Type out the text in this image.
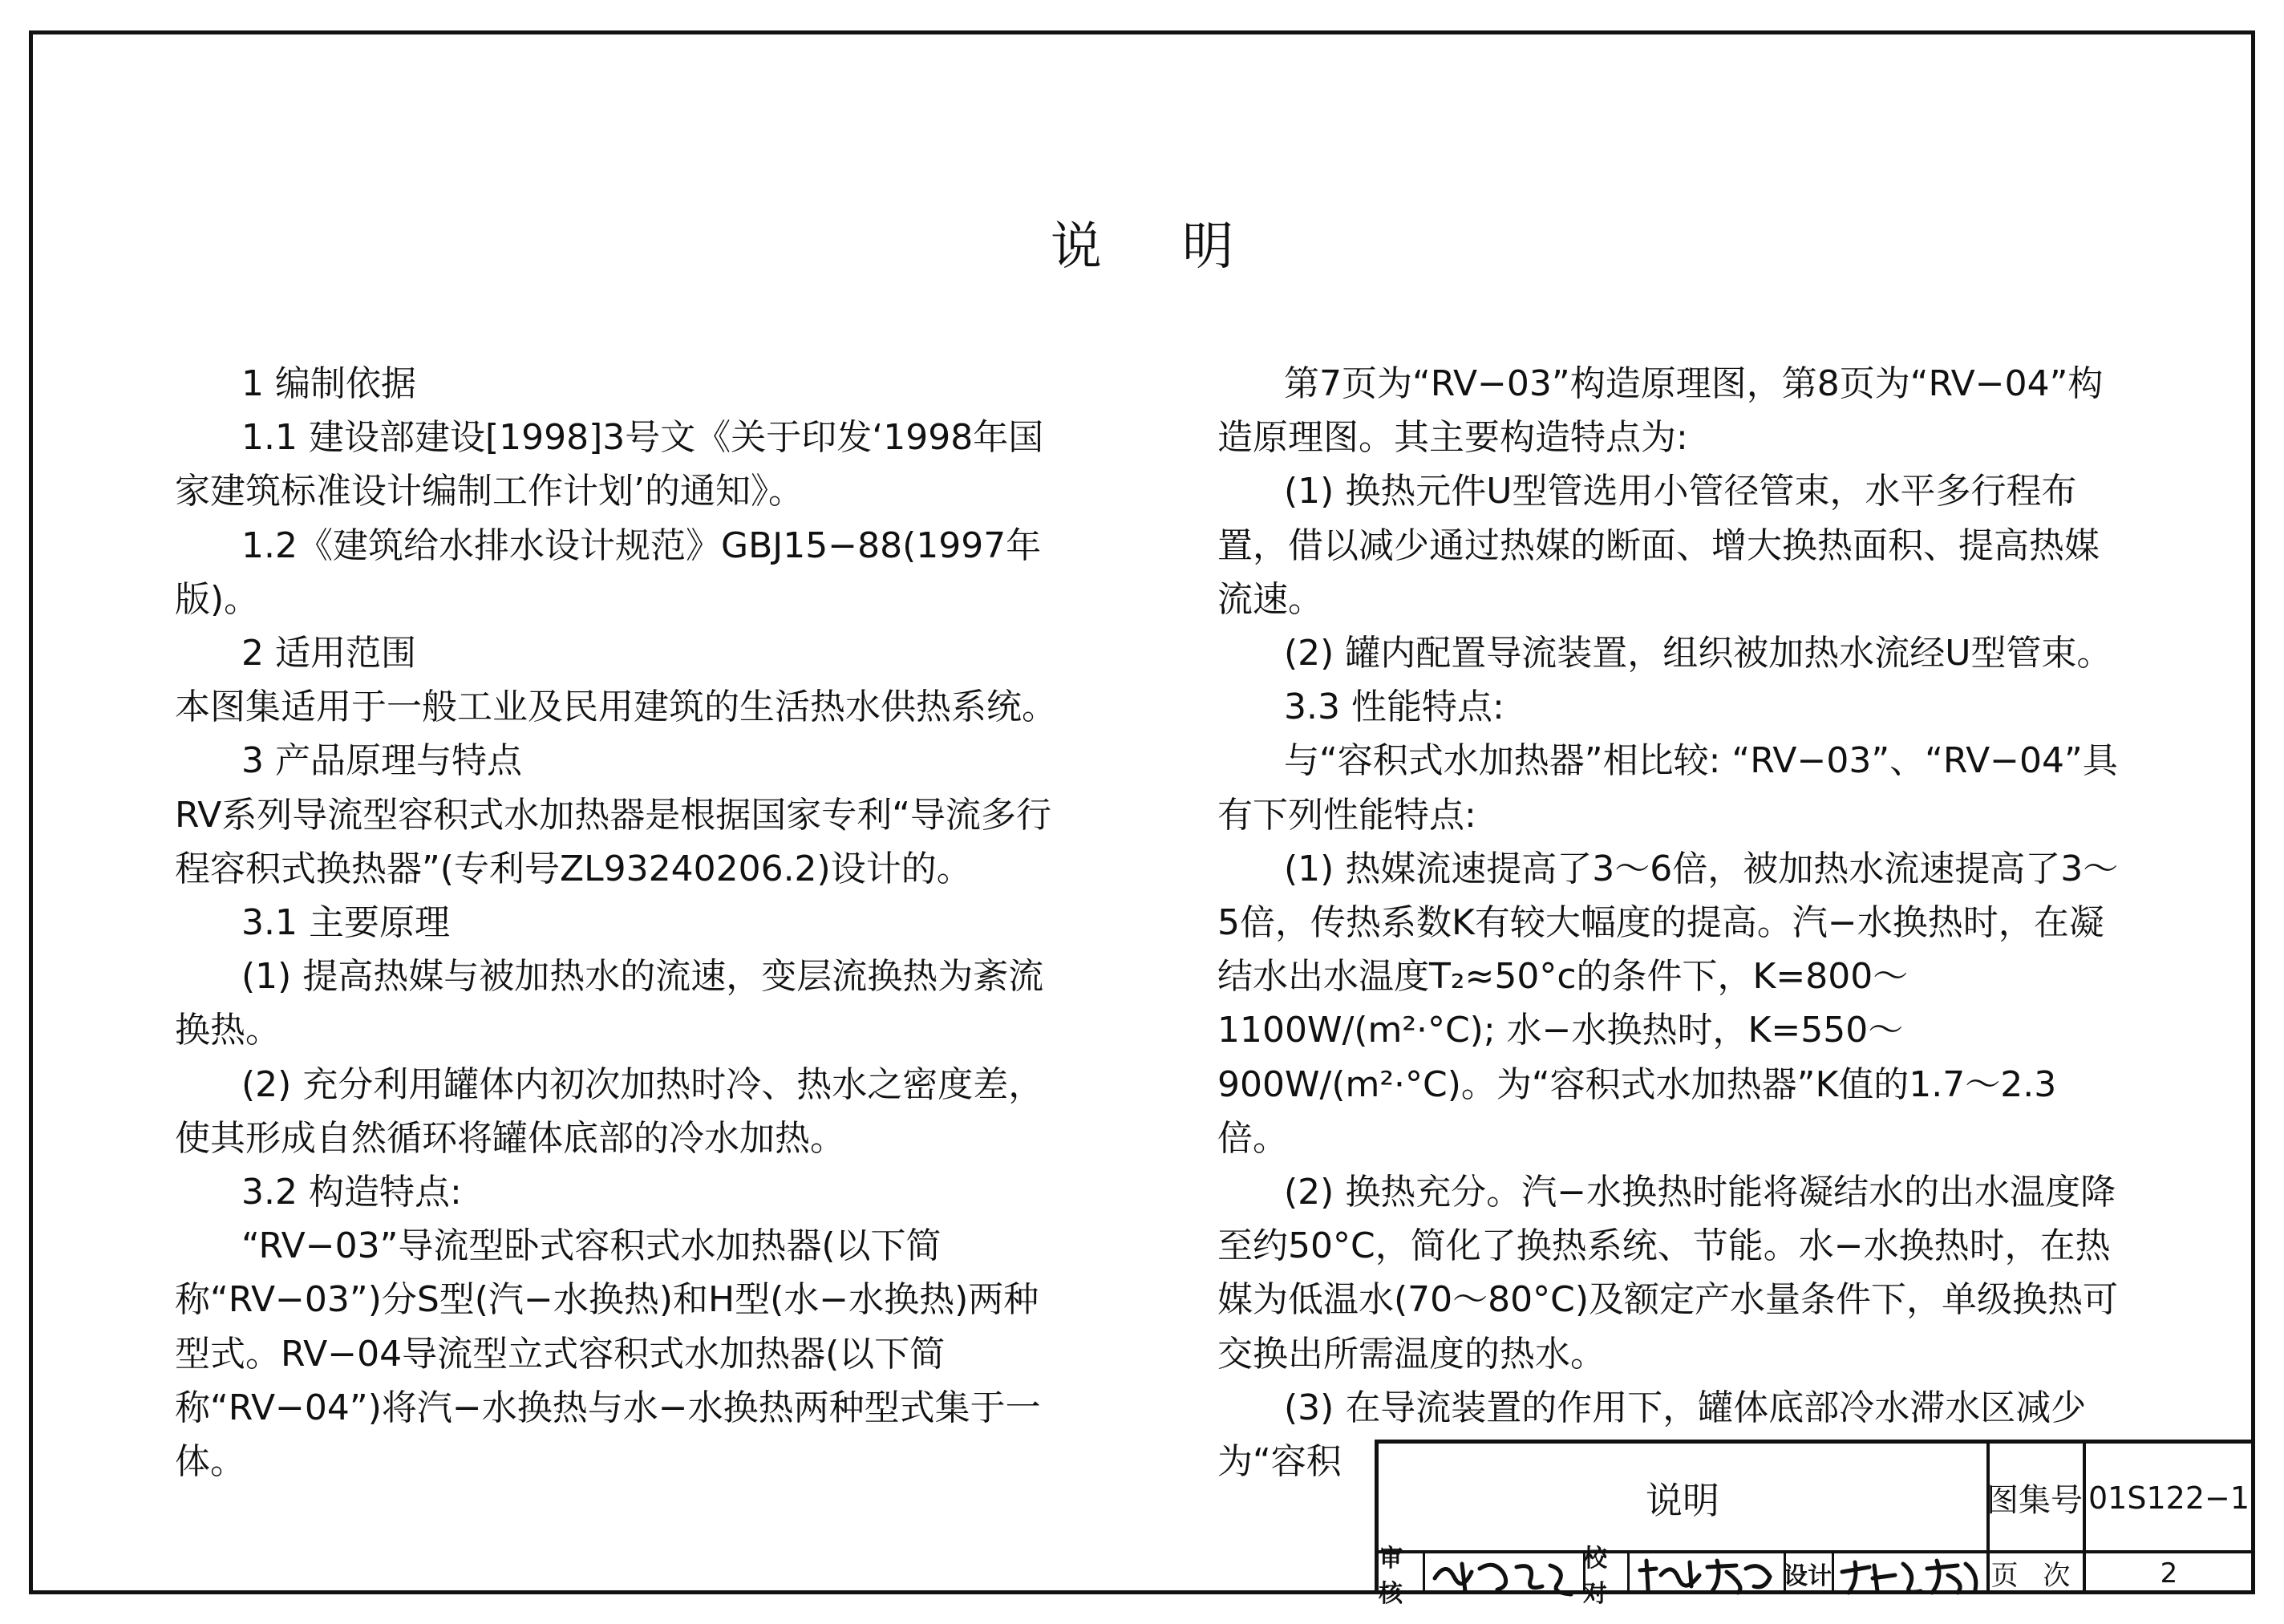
说 明

1 编制依据

1.1 建设部建设[1998]3号文《关于印发‘1998年国家建筑标准设计编制工作计划’的通知》。

1.2《建筑给水排水设计规范》GBJ15−88(1997年版)。

2 适用范围

本图集适用于一般工业及民用建筑的生活热水供热系统。

3 产品原理与特点

RV系列导流型容积式水加热器是根据国家专利“导流多行程容积式换热器”(专利号ZL93240206.2)设计的。

3.1 主要原理

(1) 提高热媒与被加热水的流速，变层流换热为紊流换热。

(2) 充分利用罐体内初次加热时冷、热水之密度差，使其形成自然循环将罐体底部的冷水加热。

3.2 构造特点:

“RV−03”导流型卧式容积式水加热器(以下简称“RV−03”)分S型(汽−水换热)和H型(水−水换热)两种型式。RV−04导流型立式容积式水加热器(以下简称“RV−04”)将汽−水换热与水−水换热两种型式集于一体。

第7页为“RV−03”构造原理图，第8页为“RV−04”构造原理图。其主要构造特点为:

(1) 换热元件U型管选用小管径管束，水平多行程布置，借以减少通过热媒的断面、增大换热面积、提高热媒流速。

(2) 罐内配置导流装置，组织被加热水流经U型管束。

3.3 性能特点:

与“容积式水加热器”相比较: “RV−03”、“RV−04”具有下列性能特点:

(1) 热媒流速提高了3～6倍，被加热水流速提高了3～5倍，传热系数K有较大幅度的提高。汽−水换热时，在凝结水出水温度T₂≈50°c的条件下，K=800～1100W/(m²·°C); 水−水换热时，K=550～900W/(m²·°C)。为“容积式水加热器”K值的1.7～2.3倍。

(2) 换热充分。汽−水换热时能将凝结水的出水温度降至约50°C，简化了换热系统、节能。水−水换热时，在热媒为低温水(70～80°C)及额定产水量条件下，单级换热可交换出所需温度的热水。

(3) 在导流装置的作用下，罐体底部冷水滞水区减少为“容积

说明	图集号 01S122−1
页 次	2
审核
校对
设计
